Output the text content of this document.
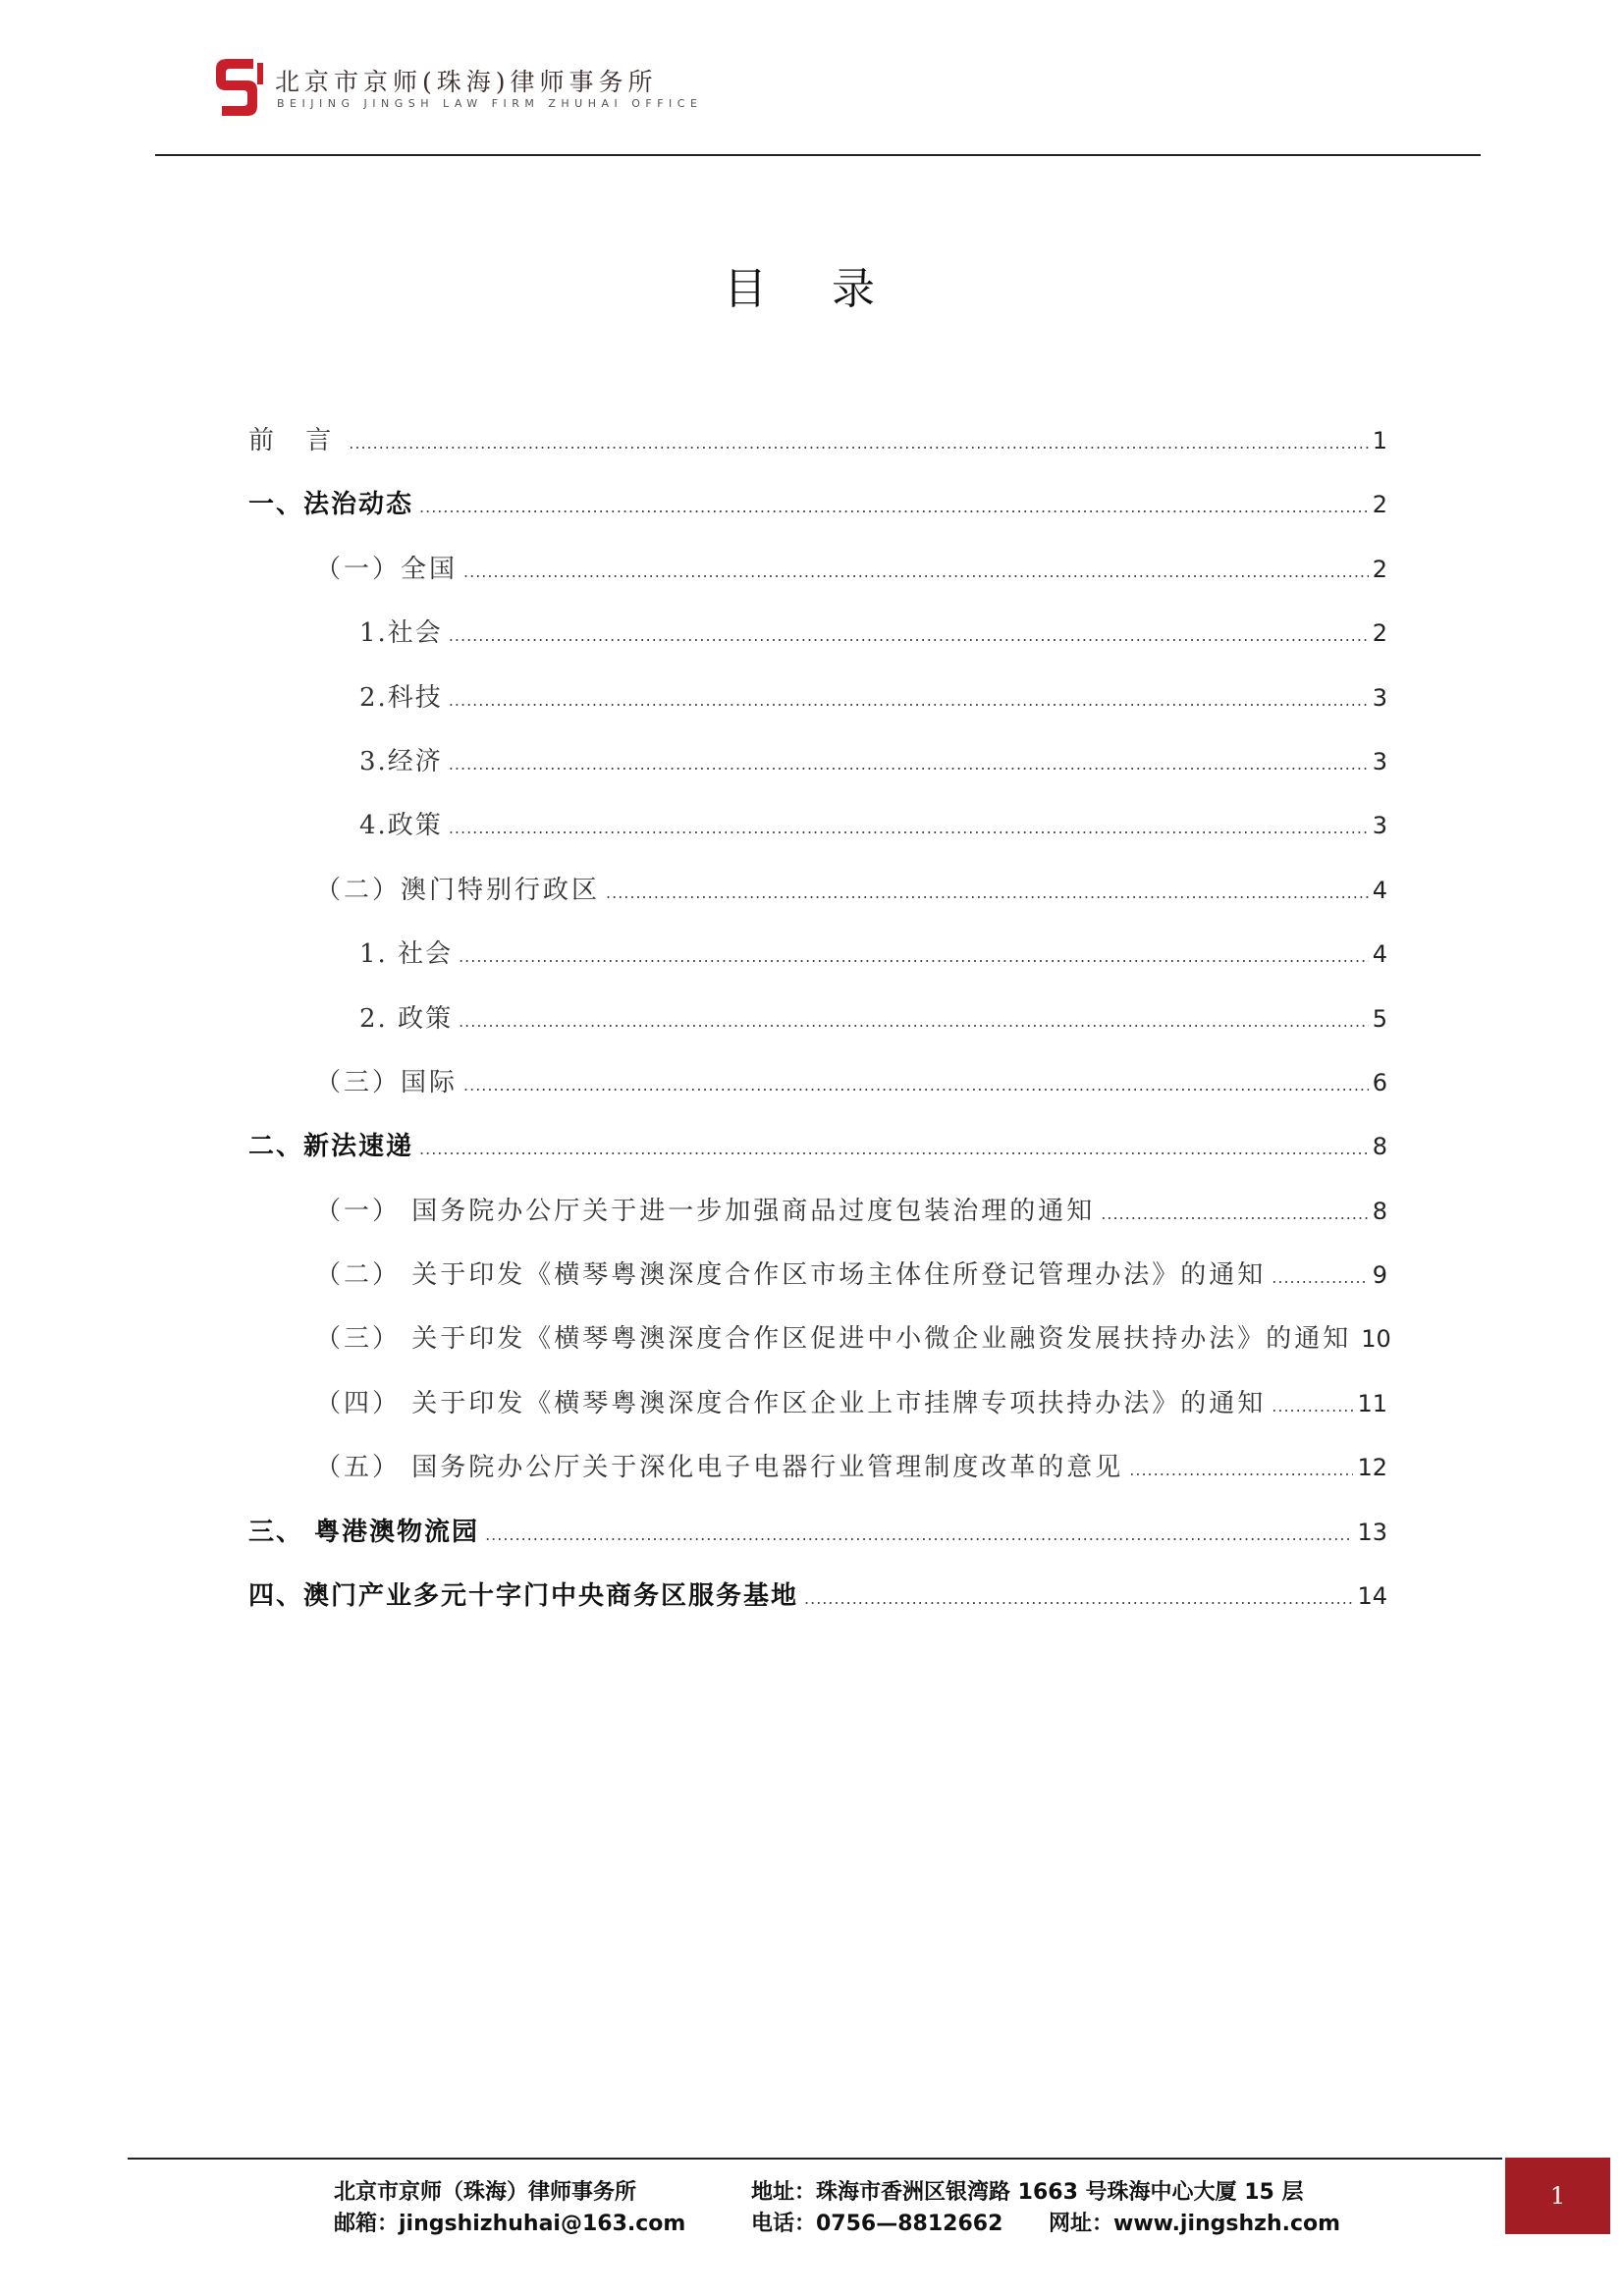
北京市京师(珠海)律师事务所
BEIJING JINGSH LAW FIRM ZHUHAI OFFICE
目 录
前 言 .....	1
一、法治动态 .....	2
（一）全国 .....	2
1.社会 .....	2
2.科技 .....	3
3.经济 .....	3
4.政策 .....	3
（二）澳门特别行政区 .....	4
1. 社会 .....	4
2. 政策 .....	5
（三）国际 .....	6
二、新法速递 .....	8
（一） 国务院办公厅关于进一步加强商品过度包装治理的通知 .....	8
（二） 关于印发《横琴粤澳深度合作区市场主体住所登记管理办法》的通知 .....	9
（三） 关于印发《横琴粤澳深度合作区促进中小微企业融资发展扶持办法》的通知 10
（四） 关于印发《横琴粤澳深度合作区企业上市挂牌专项扶持办法》的通知 .....	11
（五） 国务院办公厅关于深化电子电器行业管理制度改革的意见 .....	12
三、 粤港澳物流园 .....	13
四、澳门产业多元十字门中央商务区服务基地 .....	14
北京市京师（珠海）律师事务所
邮箱：jingshizhuhai@163.com
地址：珠海市香洲区银湾路 1663 号珠海中心大厦 15 层
电话：0756—8812662 网址：www.jingshzh.com
1
